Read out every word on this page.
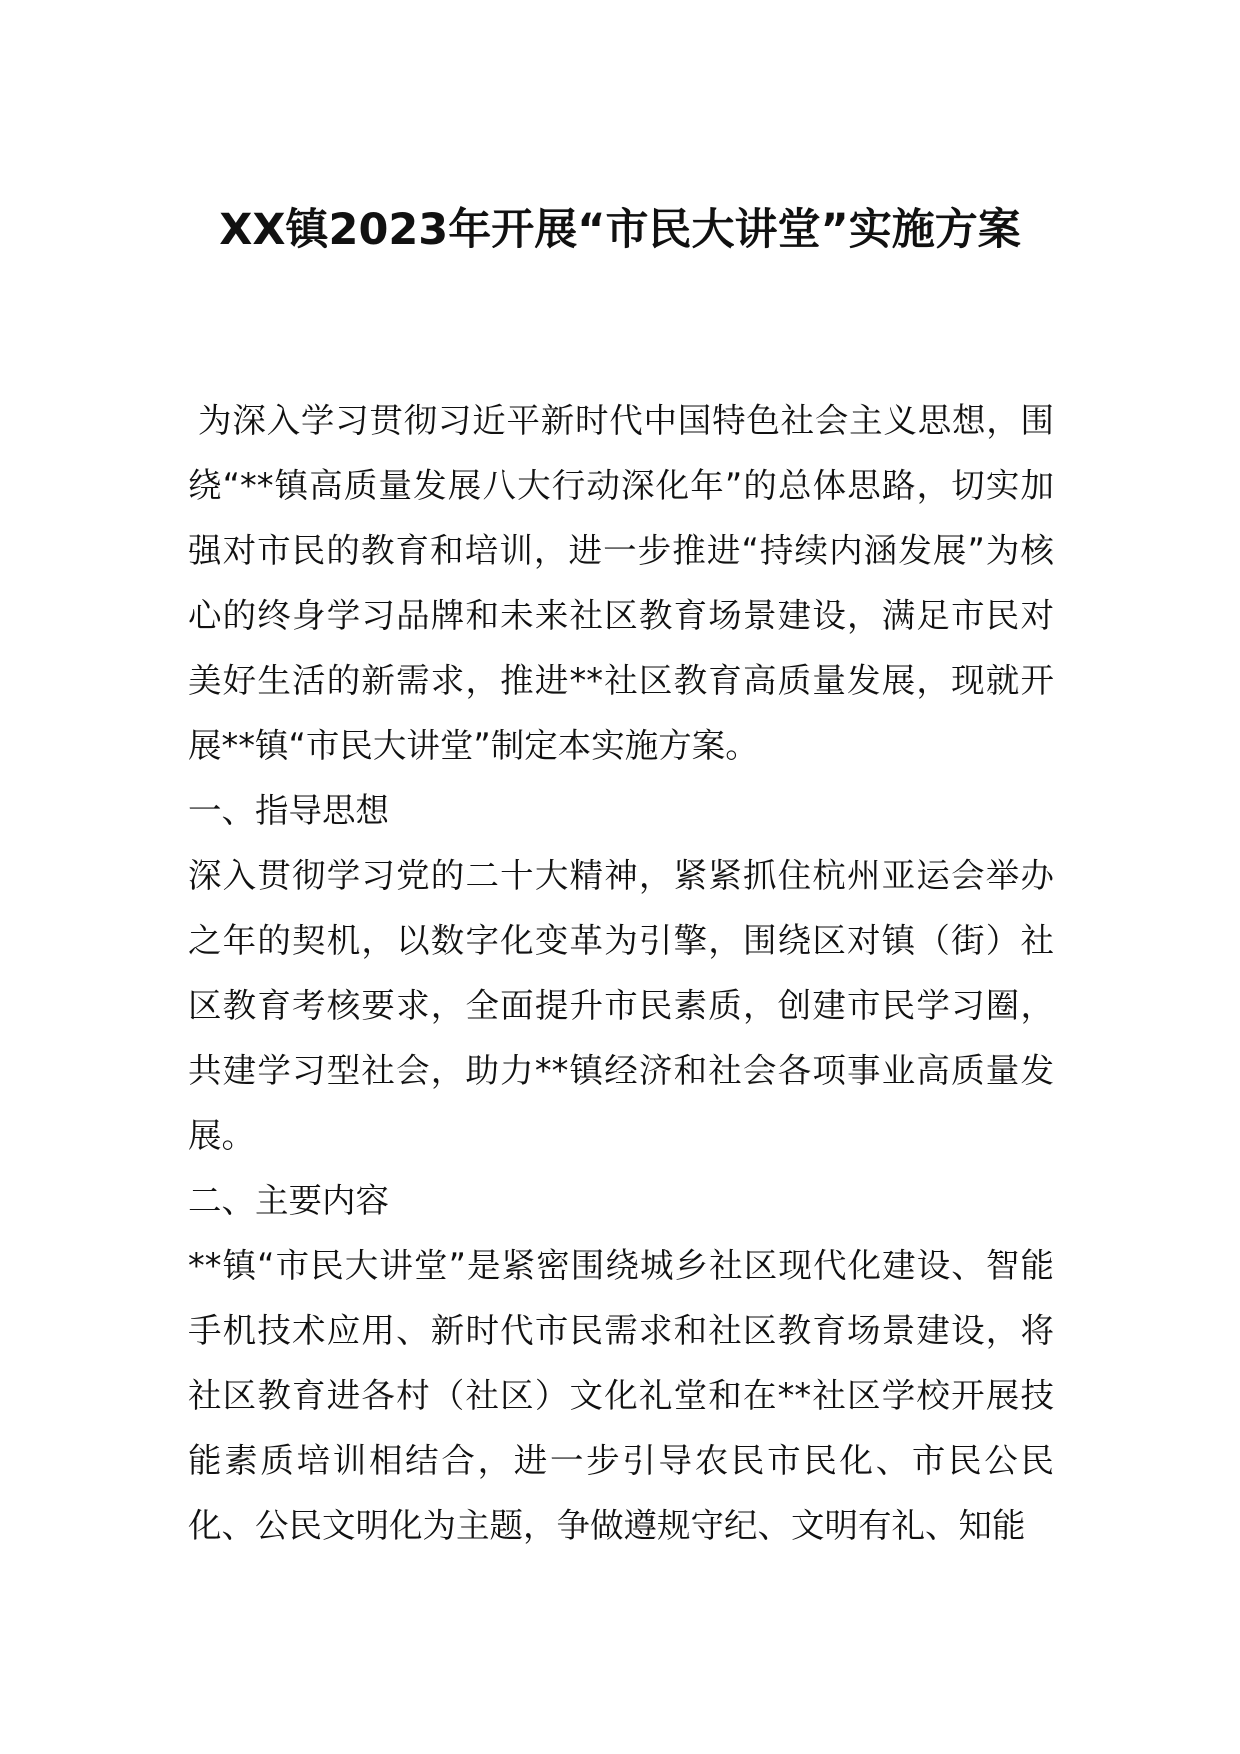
XX镇2023年开展“市民大讲堂”实施方案

为深入学习贯彻习近平新时代中国特色社会主义思想，围绕“**镇高质量发展八大行动深化年”的总体思路，切实加强对市民的教育和培训，进一步推进“持续内涵发展”为核心的终身学习品牌和未来社区教育场景建设，满足市民对美好生活的新需求，推进**社区教育高质量发展，现就开展**镇“市民大讲堂”制定本实施方案。

一、指导思想

深入贯彻学习党的二十大精神，紧紧抓住杭州亚运会举办之年的契机，以数字化变革为引擎，围绕区对镇（街）社区教育考核要求，全面提升市民素质，创建市民学习圈，共建学习型社会，助力**镇经济和社会各项事业高质量发展。

二、主要内容

**镇“市民大讲堂”是紧密围绕城乡社区现代化建设、智能手机技术应用、新时代市民需求和社区教育场景建设，将社区教育进各村（社区）文化礼堂和在**社区学校开展技能素质培训相结合，进一步引导农民市民化、市民公民化、公民文明化为主题，争做遵规守纪、文明有礼、知能
